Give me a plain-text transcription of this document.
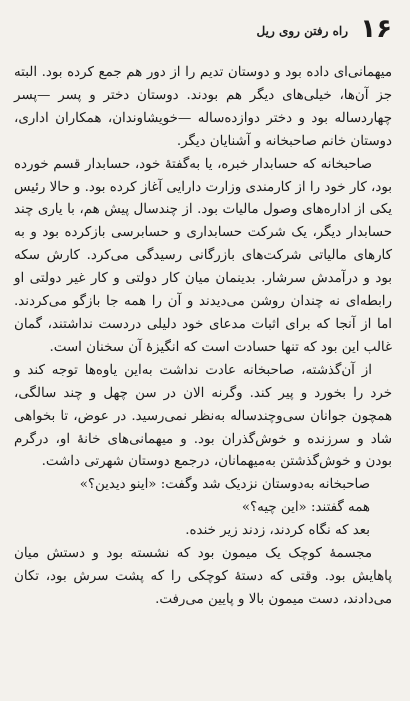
۱۶
راه رفتن روی ریل

میهمانی‌ای داده بود و دوستان تدیم را از دور هم جمع کرده بود. البته جز آن‌ها، خیلی‌های دیگر هم بودند. دوستان دختر و پسر —پسر چهاردساله بود و دختر دوازده‌ساله —خویشاوندان، همکاران اداری، دوستان خانم صاحبخانه و آشنایان دیگر.

صاحبخانه که حسابدار خبره، یا به‌گفتهٔ خود، حسابدار قسم خورده بود، کار خود را از کارمندی وزارت دارایی آغاز کرده بود. و حالا رئیس یکی از اداره‌های وصول مالیات بود. از چندسال پیش هم، با یاری چند حسابدار دیگر، یک شرکت حسابداری و حسابرسی بازکرده بود و به کارهای مالیاتی شرکت‌های بازرگانی رسیدگی می‌کرد. کارش سکه بود و درآمدش سرشار. بدینمان میان کار دولتی و کار غیر دولتی او رابطه‌ای نه چندان روشن می‌دیدند و آن را همه جا بازگو می‌کردند. اما از آنجا که برای اثبات مدعای خود دلیلی دردست نداشتند، گمان غالب این بود که تنها حسادت است که انگیزهٔ آن سخنان است.

از آن‌گذشته، صاحبخانه عادت نداشت به‌این یاوه‌ها توجه کند و خرد را بخورد و پیر کند. وگرنه الان در سن چهل و چند سالگی، همچون جوانان سی‌وچندساله به‌نظر نمی‌رسید. در عوض، تا بخواهی شاد و سرزنده و خوش‌گذران بود. و میهمانی‌های خانهٔ او، درگرم بودن و خوش‌گذشتن به‌میهمانان، درجمع دوستان شهرتی داشت.

صاحبخانه به‌دوستان نزدیک شد وگفت: «اینو دیدین؟»

همه گفتند: «این چیه؟»

بعد که نگاه کردند، زدند زیر خنده.

مجسمهٔ کوچک یک میمون بود که نشسته بود و دستش میان پاهایش بود. وقتی که دستهٔ کوچکی را که پشت سرش بود، تکان می‌دادند، دست میمون بالا و پایین می‌رفت.
